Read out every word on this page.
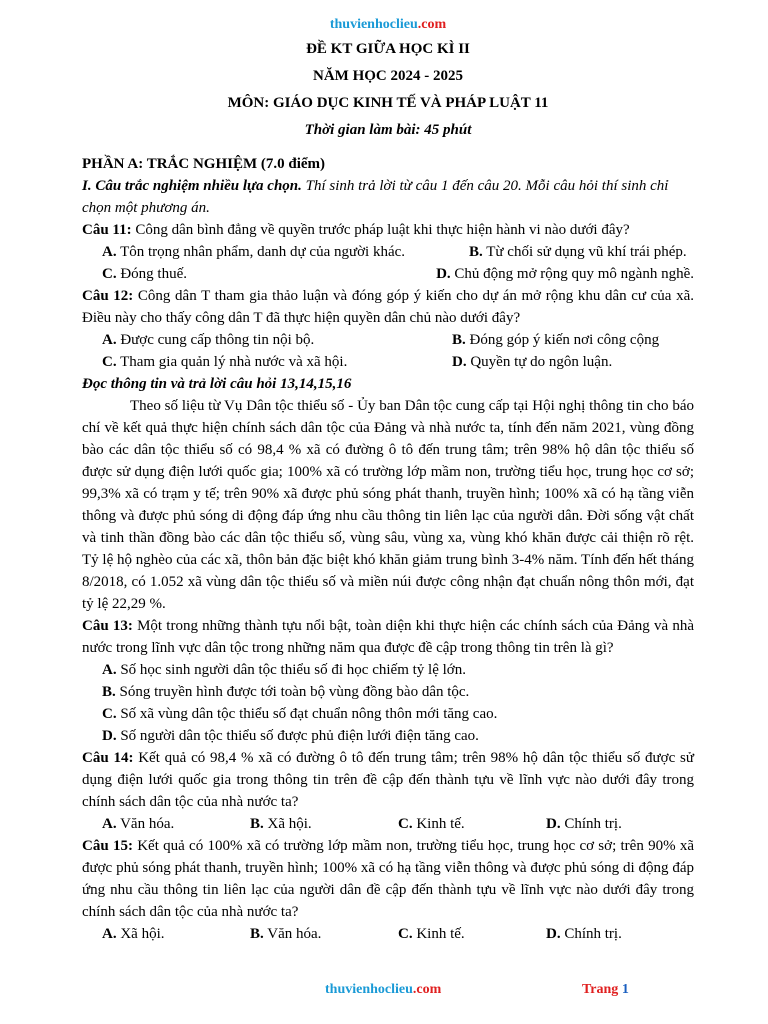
thuvienhoclieu.com
ĐỀ KT GIỮA HỌC KÌ II
NĂM HỌC 2024 - 2025
MÔN: GIÁO DỤC KINH TẾ VÀ PHÁP LUẬT 11
Thời gian làm bài: 45 phút
PHẦN A: TRẮC NGHIỆM (7.0 điểm)
I. Câu trắc nghiệm nhiều lựa chọn. Thí sinh trả lời từ câu 1 đến câu 20. Mỗi câu hỏi thí sinh chỉ chọn một phương án.
Câu 11: Công dân bình đẳng về quyền trước pháp luật khi thực hiện hành vi nào dưới đây?
A. Tôn trọng nhân phẩm, danh dự của người khác.	B. Từ chối sử dụng vũ khí trái phép.
C. Đóng thuế.	D. Chủ động mở rộng quy mô ngành nghề.
Câu 12: Công dân T tham gia thảo luận và đóng góp ý kiến cho dự án mở rộng khu dân cư của xã. Điều này cho thấy công dân T đã thực hiện quyền dân chủ nào dưới đây?
A. Được cung cấp thông tin nội bộ.	B. Đóng góp ý kiến nơi công cộng
C. Tham gia quản lý nhà nước và xã hội.	D. Quyền tự do ngôn luận.
Đọc thông tin và trả lời câu hỏi 13,14,15,16
Theo số liệu từ Vụ Dân tộc thiểu số - Ủy ban Dân tộc cung cấp tại Hội nghị thông tin cho báo chí về kết quả thực hiện chính sách dân tộc của Đảng và nhà nước ta, tính đến năm 2021, vùng đồng bào các dân tộc thiểu số có 98,4 % xã có đường ô tô đến trung tâm; trên 98% hộ dân tộc thiểu số được sử dụng điện lưới quốc gia; 100% xã có trường lớp mầm non, trường tiểu học, trung học cơ sở; 99,3% xã có trạm y tế; trên 90% xã được phủ sóng phát thanh, truyền hình; 100% xã có hạ tầng viễn thông và được phủ sóng di động đáp ứng nhu cầu thông tin liên lạc của người dân. Đời sống vật chất và tinh thần đồng bào các dân tộc thiểu số, vùng sâu, vùng xa, vùng khó khăn được cải thiện rõ rệt. Tỷ lệ hộ nghèo của các xã, thôn bản đặc biệt khó khăn giảm trung bình 3-4% năm. Tính đến hết tháng 8/2018, có 1.052 xã vùng dân tộc thiểu số và miền núi được công nhận đạt chuẩn nông thôn mới, đạt tỷ lệ 22,29 %.
Câu 13: Một trong những thành tựu nổi bật, toàn diện khi thực hiện các chính sách của Đảng và nhà nước trong lĩnh vực dân tộc trong những năm qua được đề cập trong thông tin trên là gì?
A. Số học sinh người dân tộc thiểu số đi học chiếm tỷ lệ lớn.
B. Sóng truyền hình được tới toàn bộ vùng đồng bào dân tộc.
C. Số xã vùng dân tộc thiểu số đạt chuẩn nông thôn mới tăng cao.
D. Số người dân tộc thiểu số được phủ điện lưới điện tăng cao.
Câu 14: Kết quả có 98,4 % xã có đường ô tô đến trung tâm; trên 98% hộ dân tộc thiểu số được sử dụng điện lưới quốc gia trong thông tin trên đề cập đến thành tựu về lĩnh vực nào dưới đây trong chính sách dân tộc của nhà nước ta?
A. Văn hóa.	B. Xã hội.	C. Kinh tế.	D. Chính trị.
Câu 15: Kết quả có 100% xã có trường lớp mầm non, trường tiểu học, trung học cơ sở; trên 90% xã được phủ sóng phát thanh, truyền hình; 100% xã có hạ tầng viễn thông và được phủ sóng di động đáp ứng nhu cầu thông tin liên lạc của người dân đề cập đến thành tựu về lĩnh vực nào dưới đây trong chính sách dân tộc của nhà nước ta?
A. Xã hội.	B. Văn hóa.	C. Kinh tế.	D. Chính trị.
thuvienhoclieu.com	Trang 1
